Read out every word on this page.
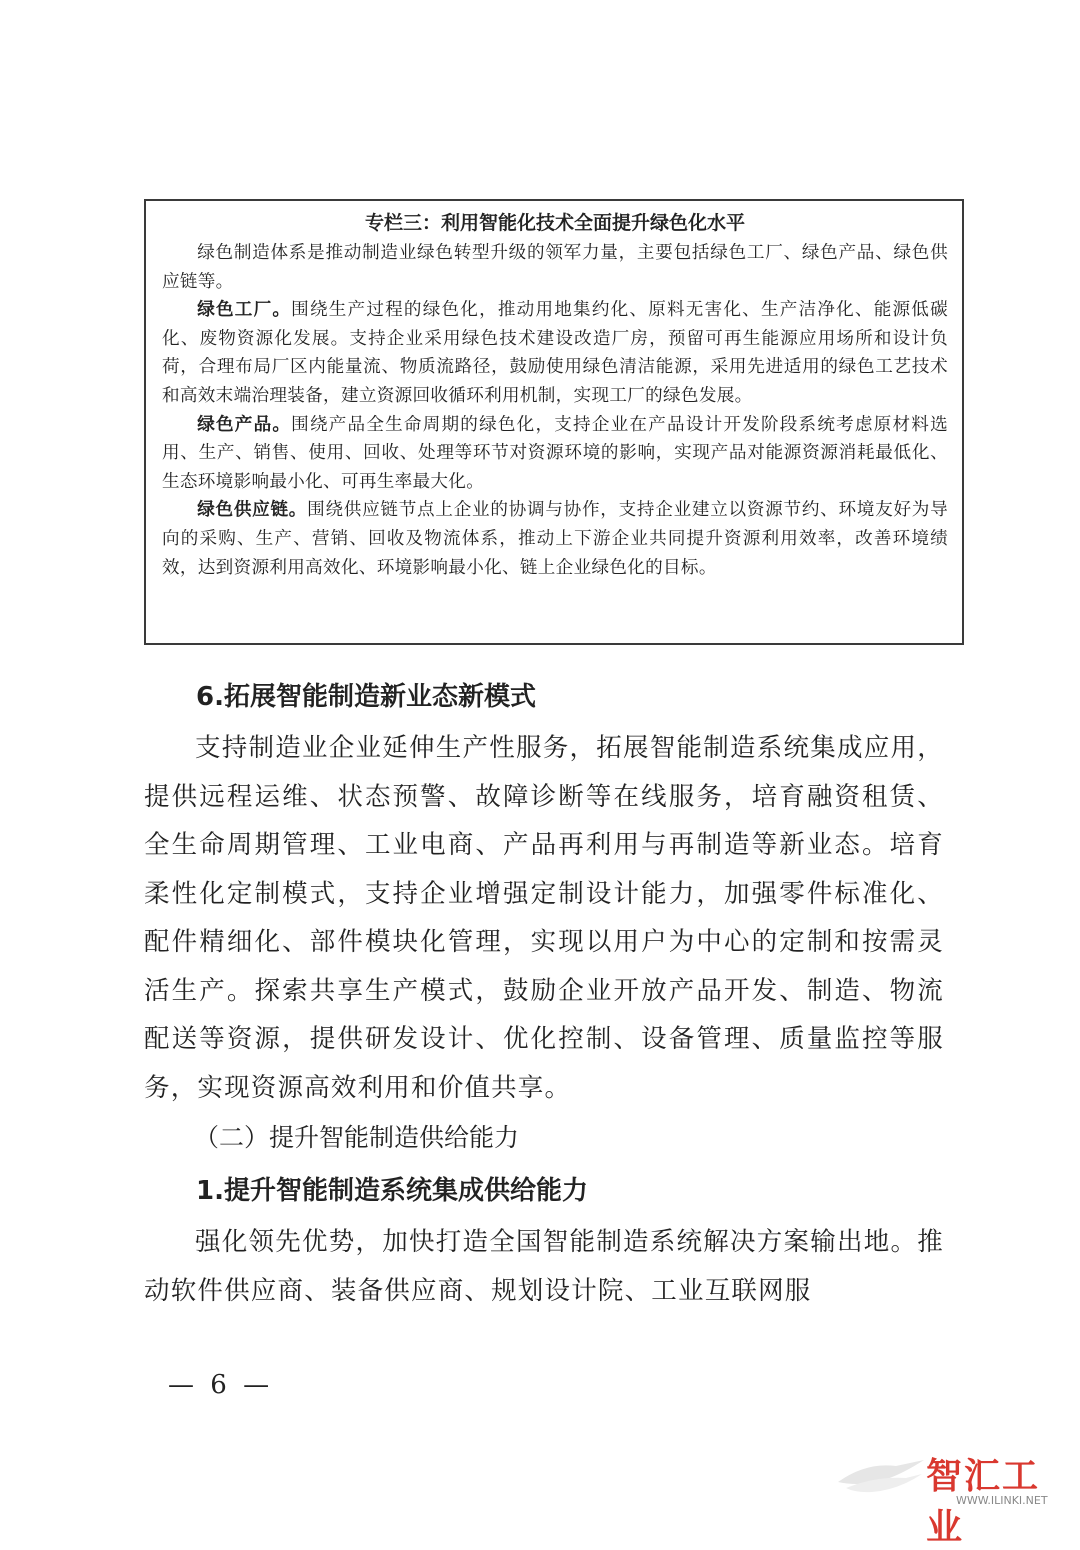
专栏三：利用智能化技术全面提升绿色化水平

绿色制造体系是推动制造业绿色转型升级的领军力量，主要包括绿色工厂、绿色产品、绿色供应链等。

绿色工厂。围绕生产过程的绿色化，推动用地集约化、原料无害化、生产洁净化、能源低碳化、废物资源化发展。支持企业采用绿色技术建设改造厂房，预留可再生能源应用场所和设计负荷，合理布局厂区内能量流、物质流路径，鼓励使用绿色清洁能源，采用先进适用的绿色工艺技术和高效末端治理装备，建立资源回收循环利用机制，实现工厂的绿色发展。

绿色产品。围绕产品全生命周期的绿色化，支持企业在产品设计开发阶段系统考虑原材料选用、生产、销售、使用、回收、处理等环节对资源环境的影响，实现产品对能源资源消耗最低化、生态环境影响最小化、可再生率最大化。

绿色供应链。围绕供应链节点上企业的协调与协作，支持企业建立以资源节约、环境友好为导向的采购、生产、营销、回收及物流体系，推动上下游企业共同提升资源利用效率，改善环境绩效，达到资源利用高效化、环境影响最小化、链上企业绿色化的目标。

6.拓展智能制造新业态新模式

支持制造业企业延伸生产性服务，拓展智能制造系统集成应用，提供远程运维、状态预警、故障诊断等在线服务，培育融资租赁、全生命周期管理、工业电商、产品再利用与再制造等新业态。培育柔性化定制模式，支持企业增强定制设计能力，加强零件标准化、配件精细化、部件模块化管理，实现以用户为中心的定制和按需灵活生产。探索共享生产模式，鼓励企业开放产品开发、制造、物流配送等资源，提供研发设计、优化控制、设备管理、质量监控等服务，实现资源高效利用和价值共享。

（二）提升智能制造供给能力
1.提升智能制造系统集成供给能力

强化领先优势，加快打造全国智能制造系统解决方案输出地。推动软件供应商、装备供应商、规划设计院、工业互联网服

— 6 —
智汇工业
WWW.ILINKI.NET
